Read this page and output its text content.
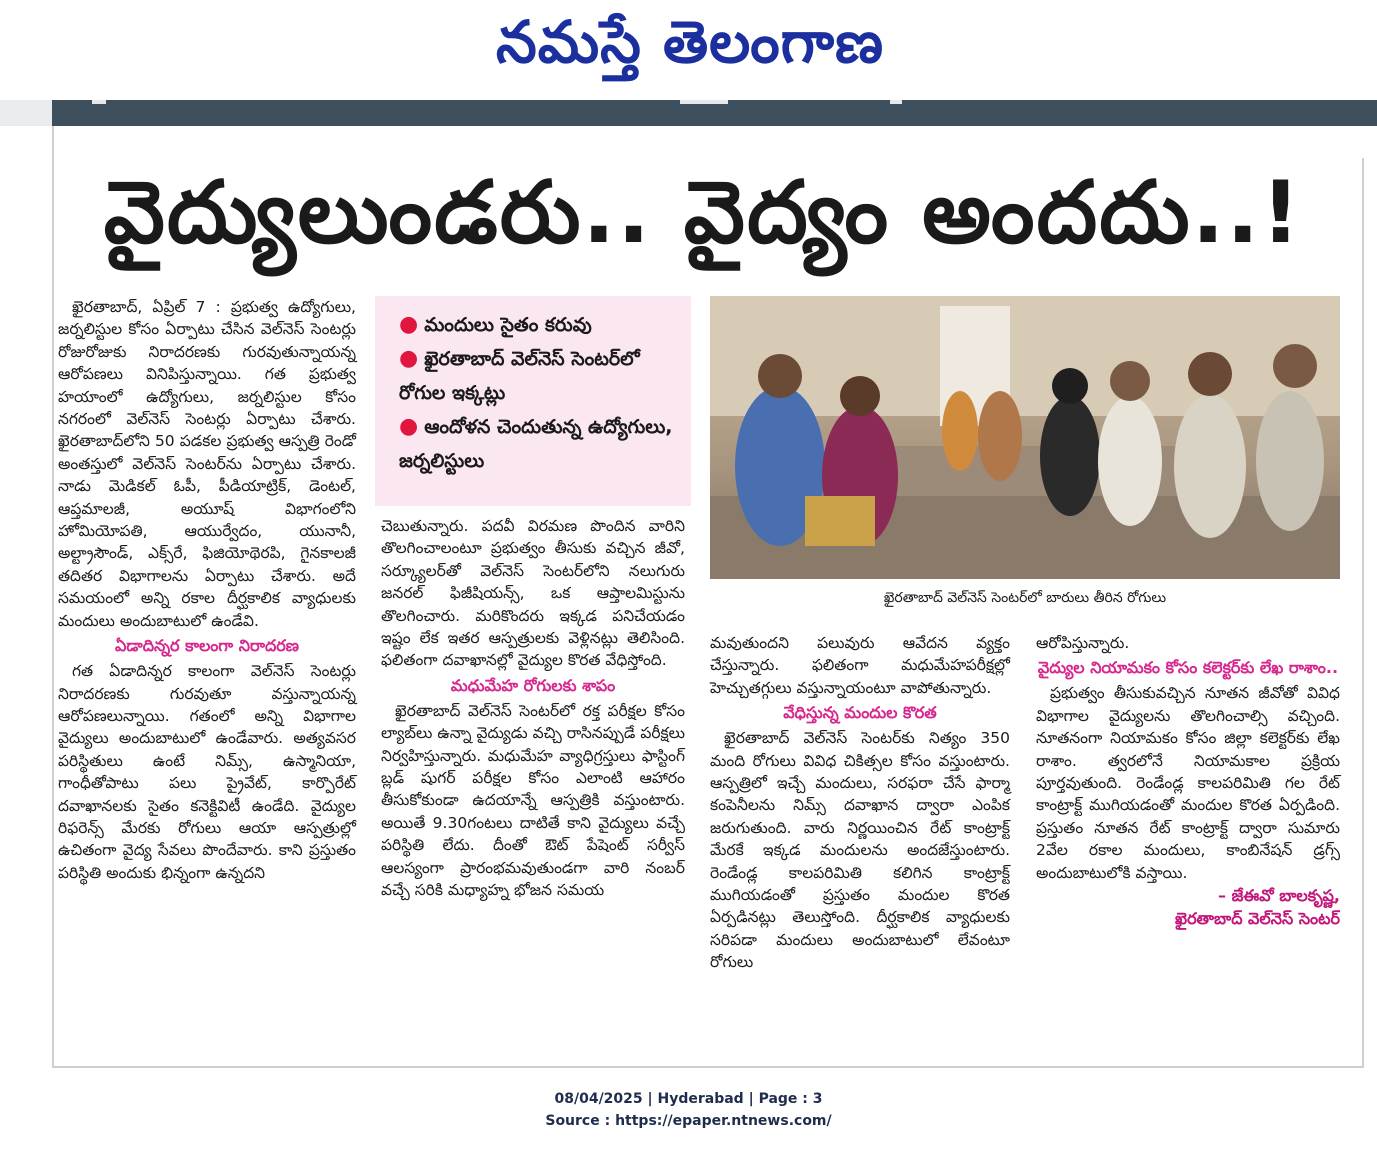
నమస్తే తెలంగాణ
వైద్యులుండరు.. వైద్యం అందదు..!

ఖైరతాబాద్, ఏప్రిల్ 7 : ప్రభుత్వ ఉద్యోగులు, జర్నలిస్టుల కోసం ఏర్పాటు చేసిన వెల్‌నెస్ సెంటర్లు రోజురోజుకు నిరాదరణకు గురవుతున్నాయన్న ఆరోపణలు వినిపిస్తున్నాయి. గత ప్రభుత్వ హయాంలో ఉద్యోగులు, జర్నలిస్టుల కోసం నగరంలో వెల్‌నెస్ సెంటర్లు ఏర్పాటు చేశారు. ఖైరతాబాద్‌లోని 50 పడకల ప్రభుత్వ ఆస్పత్రి రెండో అంతస్తులో వెల్‌నెస్ సెంటర్‌ను ఏర్పాటు చేశారు. నాడు మెడికల్ ఓపీ, పీడియాట్రిక్, డెంటల్, ఆప్తమాలజీ, అయూష్ విభాగంలోని హోమియోపతి, ఆయుర్వేదం, యునానీ, అల్ట్రాసౌండ్, ఎక్స్‌రే, ఫిజియోథెరపి, గైనకాలజీ తదితర విభాగాలను ఏర్పాటు చేశారు. అదే సమయంలో అన్ని రకాల దీర్ఘకాలిక వ్యాధులకు మందులు అందుబాటులో ఉండేవి.

ఏడాదిన్నర కాలంగా నిరాదరణ

గత ఏడాదిన్నర కాలంగా వెల్‌నెస్ సెంటర్లు నిరాదరణకు గురవుతూ వస్తున్నాయన్న ఆరోపణలున్నాయి. గతంలో అన్ని విభాగాల వైద్యులు అందుబాటులో ఉండేవారు. అత్యవసర పరిస్థితులు ఉంటే నిమ్స్, ఉస్మానియా, గాంధీతోపాటు పలు ప్రైవేట్, కార్పొరేట్ దవాఖానలకు సైతం కనెక్టివిటీ ఉండేది. వైద్యుల రిఫరెన్స్ మేరకు రోగులు ఆయా ఆస్పత్రుల్లో ఉచితంగా వైద్య సేవలు పొందేవారు. కాని ప్రస్తుతం పరిస్థితి అందుకు భిన్నంగా ఉన్నదని

● మందులు సైతం కరువు
● ఖైరతాబాద్ వెల్‌నెస్ సెంటర్‌లో రోగుల ఇక్కట్లు
● ఆందోళన చెందుతున్న ఉద్యోగులు, జర్నలిస్టులు

చెబుతున్నారు. పదవీ విరమణ పొందిన వారిని తొలగించాలంటూ ప్రభుత్వం తీసుకు వచ్చిన జీవో, సర్క్యూలర్‌తో వెల్‌నెస్ సెంటర్‌లోని నలుగురు జనరల్ ఫిజీషియన్స్, ఒక ఆప్తాలమిస్టును తొలగించారు. మరికొందరు ఇక్కడ పనిచేయడం ఇష్టం లేక ఇతర ఆస్పత్రులకు వెళ్లినట్లు తెలిసింది. ఫలితంగా దవాఖానల్లో వైద్యుల కొరత వేధిస్తోంది.

మధుమేహ రోగులకు శాపం

ఖైరతాబాద్ వెల్‌నెస్ సెంటర్‌లో రక్త పరీక్షల కోసం ల్యాబ్‌లు ఉన్నా వైద్యుడు వచ్చి రాసినప్పుడే పరీక్షలు నిర్వహిస్తున్నారు. మధుమేహ వ్యాధిగ్రస్తులు ఫాస్టింగ్ బ్లడ్ షుగర్ పరీక్షల కోసం ఎలాంటి ఆహారం తీసుకోకుండా ఉదయాన్నే ఆస్పత్రికి వస్తుంటారు. అయితే 9.30గంటలు దాటితే కాని వైద్యులు వచ్చే పరిస్థితి లేదు. దీంతో ఔట్ పేషెంట్ సర్వీస్ ఆలస్యంగా ప్రారంభమవుతుండగా వారి నంబర్ వచ్చే సరికి మధ్యాహ్న భోజన సమయ

ఖైరతాబాద్ వెల్‌నెస్ సెంటర్‌లో బారులు తీరిన రోగులు

మవుతుందని పలువురు ఆవేదన వ్యక్తం చేస్తున్నారు. ఫలితంగా మధుమేహపరీక్షల్లో హెచ్చుతగ్గులు వస్తున్నాయంటూ వాపోతున్నారు.

వేధిస్తున్న మందుల కొరత

ఖైరతాబాద్ వెల్‌నెస్ సెంటర్‌కు నిత్యం 350 మంది రోగులు వివిధ చికిత్సల కోసం వస్తుంటారు. ఆస్పత్రిలో ఇచ్చే మందులు, సరఫరా చేసే ఫార్మా కంపెనీలను నిమ్స్ దవాఖాన ద్వారా ఎంపిక జరుగుతుంది. వారు నిర్ణయించిన రేట్ కాంట్రాక్ట్ మేరకే ఇక్కడ మందులను అందజేస్తుంటారు. రెండేండ్ల కాలపరిమితి కలిగిన కాంట్రాక్ట్ ముగియడంతో ప్రస్తుతం మందుల కొరత ఏర్పడినట్లు తెలుస్తోంది. దీర్ఘకాలిక వ్యాధులకు సరిపడా మందులు అందుబాటులో లేవంటూ రోగులు

ఆరోపిస్తున్నారు.

వైద్యుల నియామకం కోసం కలెక్టర్‌కు లేఖ రాశాం..

ప్రభుత్వం తీసుకువచ్చిన నూతన జీవోతో వివిధ విభాగాల వైద్యులను తొలగించాల్సి వచ్చింది. నూతనంగా నియామకం కోసం జిల్లా కలెక్టర్‌కు లేఖ రాశాం. త్వరలోనే నియామకాల ప్రక్రియ పూర్తవుతుంది. రెండేండ్ల కాలపరిమితి గల రేట్ కాంట్రాక్ట్ ముగియడంతో మందుల కొరత ఏర్పడింది. ప్రస్తుతం నూతన రేట్ కాంట్రాక్ట్ ద్వారా సుమారు 2వేల రకాల మందులు, కాంబినేషన్ డ్రగ్స్ అందుబాటులోకి వస్తాయి.

– జేఈవో బాలకృష్ణ,
ఖైరతాబాద్ వెల్‌నెస్ సెంటర్
08/04/2025 | Hyderabad | Page : 3
Source : https://epaper.ntnews.com/
